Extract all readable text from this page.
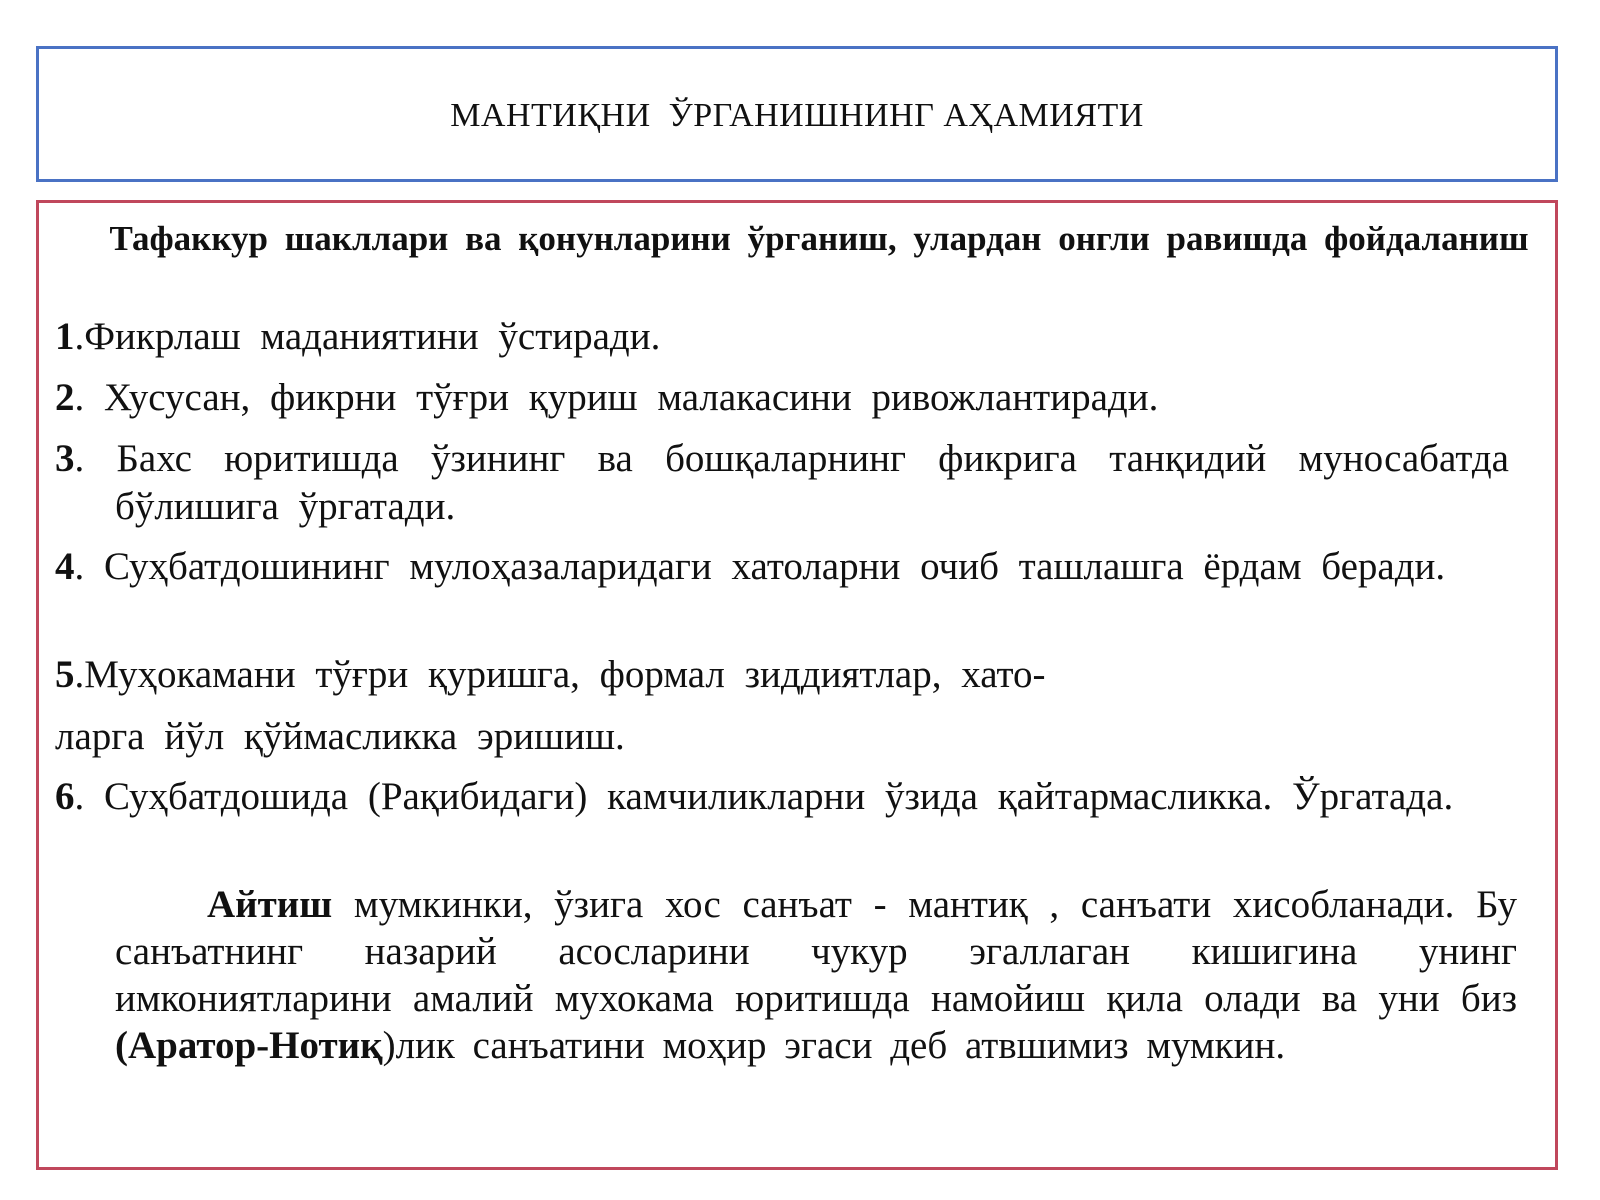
МАНТИҚНИ  ЎРГАНИШНИНГ АҲАМИЯТИ
Тафаккур шакллари ва қонунларини ўрганиш, улардан онгли равишда фойдаланиш
1.Фикрлаш маданиятини ўстиради.
2. Хусусан, фикрни тўғри қуриш малакасини ривожлантиради.
3. Бахс юритишда ўзининг ва бошқаларнинг фикрига танқидий муносабатда бўлишига ўргатади.
4. Суҳбатдошининг мулоҳазаларидаги хатоларни очиб ташлашга ёрдам беради.
5.Муҳокамани тўғри қуришга, формал зиддиятлар, хато-
ларга йўл қўймасликка эришиш.
6. Суҳбатдошида (Рақибидаги) камчиликларни ўзида қайтармасликка. Ўргатада.
Айтиш мумкинки, ўзига хос санъат - мантиқ , санъати хисобланади. Бу санъатнинг назарий асосларини чукур эгаллаган кишигина унинг имкониятларини амалий мухокама юритишда намойиш қила олади ва уни биз (Аратор-Нотиқ)лик санъатини моҳир эгаси деб атвшимиз мумкин.
